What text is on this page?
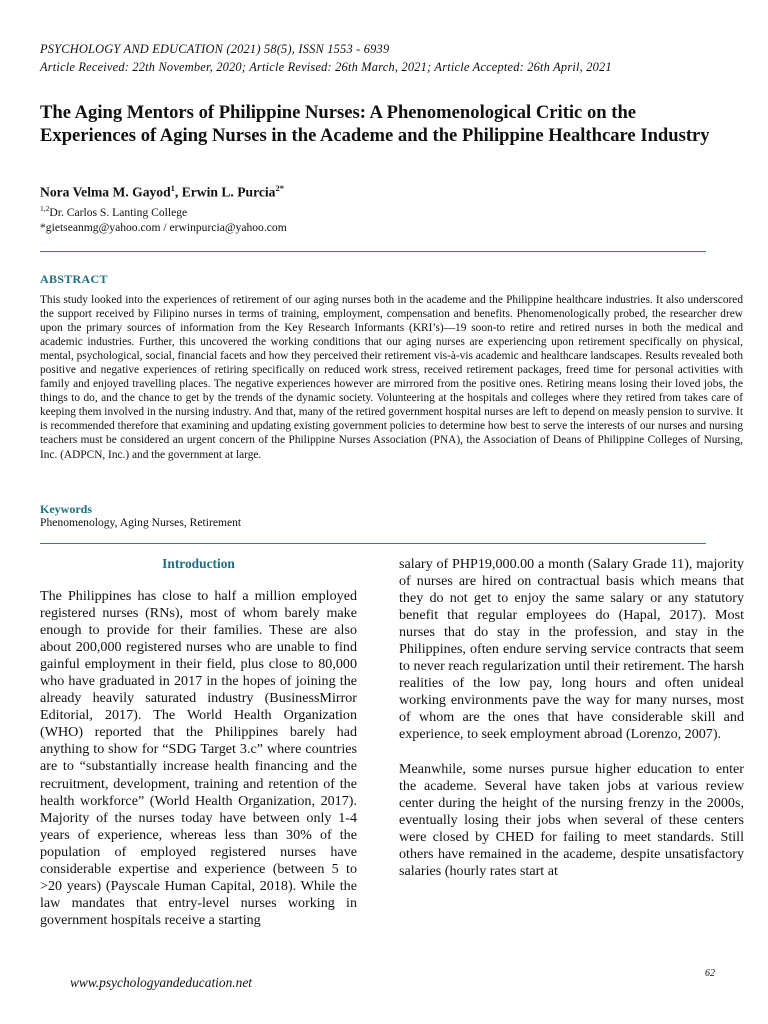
PSYCHOLOGY AND EDUCATION (2021) 58(5), ISSN 1553 - 6939
Article Received: 22th November, 2020; Article Revised: 26th March, 2021; Article Accepted: 26th April, 2021
The Aging Mentors of Philippine Nurses: A Phenomenological Critic on the Experiences of Aging Nurses in the Academe and the Philippine Healthcare Industry
Nora Velma M. Gayod$^1$, Erwin L. Purcia$^{2*}$
$^{1,2}$Dr. Carlos S. Lanting College
*gietseanmg@yahoo.com / erwinpurcia@yahoo.com
ABSTRACT
This study looked into the experiences of retirement of our aging nurses both in the academe and the Philippine healthcare industries. It also underscored the support received by Filipino nurses in terms of training, employment, compensation and benefits. Phenomenologically probed, the researcher drew upon the primary sources of information from the Key Research Informants (KRI’s)—19 soon-to retire and retired nurses in both the medical and academic industries. Further, this uncovered the working conditions that our aging nurses are experiencing upon retirement specifically on physical, mental, psychological, social, financial facets and how they perceived their retirement vis-à-vis academic and healthcare landscapes. Results revealed both positive and negative experiences of retiring specifically on reduced work stress, received retirement packages, freed time for personal activities with family and enjoyed travelling places. The negative experiences however are mirrored from the positive ones. Retiring means losing their loved jobs, the things to do, and the chance to get by the trends of the dynamic society. Volunteering at the hospitals and colleges where they retired from takes care of keeping them involved in the nursing industry. And that, many of the retired government hospital nurses are left to depend on measly pension to survive. It is recommended therefore that examining and updating existing government policies to determine how best to serve the interests of our nurses and nursing teachers must be considered an urgent concern of the Philippine Nurses Association (PNA), the Association of Deans of Philippine Colleges of Nursing, Inc. (ADPCN, Inc.) and the government at large.
Keywords
Phenomenology, Aging Nurses, Retirement
Introduction

The Philippines has close to half a million employed registered nurses (RNs), most of whom barely make enough to provide for their families. These are also about 200,000 registered nurses who are unable to find gainful employment in their field, plus close to 80,000 who have graduated in 2017 in the hopes of joining the already heavily saturated industry (BusinessMirror Editorial, 2017). The World Health Organization (WHO) reported that the Philippines barely had anything to show for “SDG Target 3.c” where countries are to “substantially increase health financing and the recruitment, development, training and retention of the health workforce” (World Health Organization, 2017). Majority of the nurses today have between only 1-4 years of experience, whereas less than 30% of the population of employed registered nurses have considerable expertise and experience (between 5 to >20 years) (Payscale Human Capital, 2018). While the law mandates that entry-level nurses working in government hospitals receive a starting

salary of PHP19,000.00 a month (Salary Grade 11), majority of nurses are hired on contractual basis which means that they do not get to enjoy the same salary or any statutory benefit that regular employees do (Hapal, 2017). Most nurses that do stay in the profession, and stay in the Philippines, often endure serving service contracts that seem to never reach regularization until their retirement. The harsh realities of the low pay, long hours and often unideal working environments pave the way for many nurses, most of whom are the ones that have considerable skill and experience, to seek employment abroad (Lorenzo, 2007).

Meanwhile, some nurses pursue higher education to enter the academe. Several have taken jobs at various review center during the height of the nursing frenzy in the 2000s, eventually losing their jobs when several of these centers were closed by CHED for failing to meet standards. Still others have remained in the academe, despite unsatisfactory salaries (hourly rates start at

www.psychologyandeducation.net
62
